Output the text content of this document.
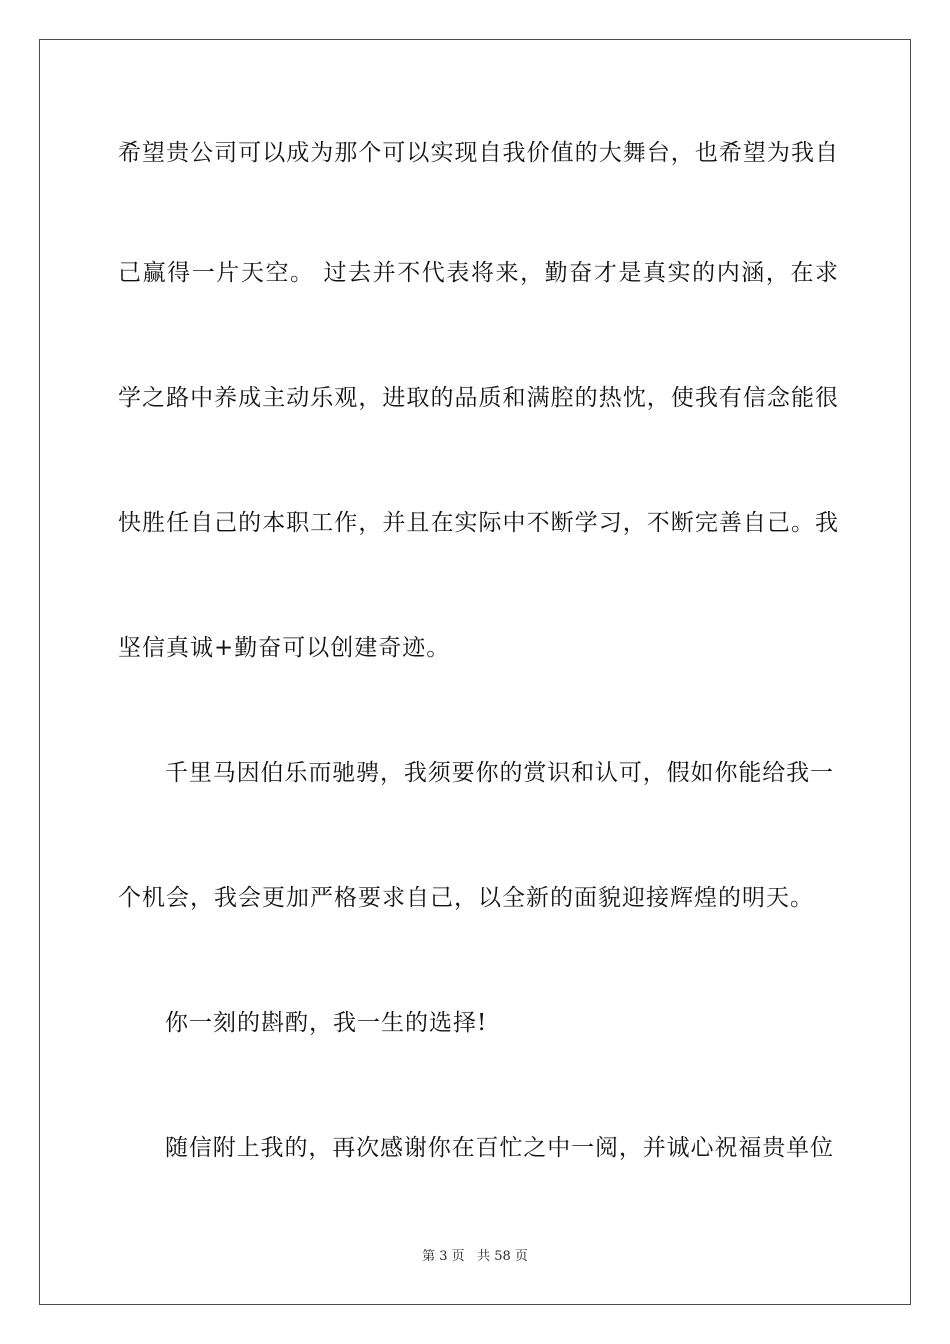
希望贵公司可以成为那个可以实现自我价值的大舞台，也希望为我自
己赢得一片天空。 过去并不代表将来，勤奋才是真实的内涵，在求
学之路中养成主动乐观，进取的品质和满腔的热忱，使我有信念能很
快胜任自己的本职工作，并且在实际中不断学习，不断完善自己。我
坚信真诚+勤奋可以创建奇迹。
千里马因伯乐而驰骋，我须要你的赏识和认可，假如你能给我一
个机会，我会更加严格要求自己，以全新的面貌迎接辉煌的明天。
你一刻的斟酌，我一生的选择!
随信附上我的，再次感谢你在百忙之中一阅，并诚心祝福贵单位
第 3 页 共 58 页
